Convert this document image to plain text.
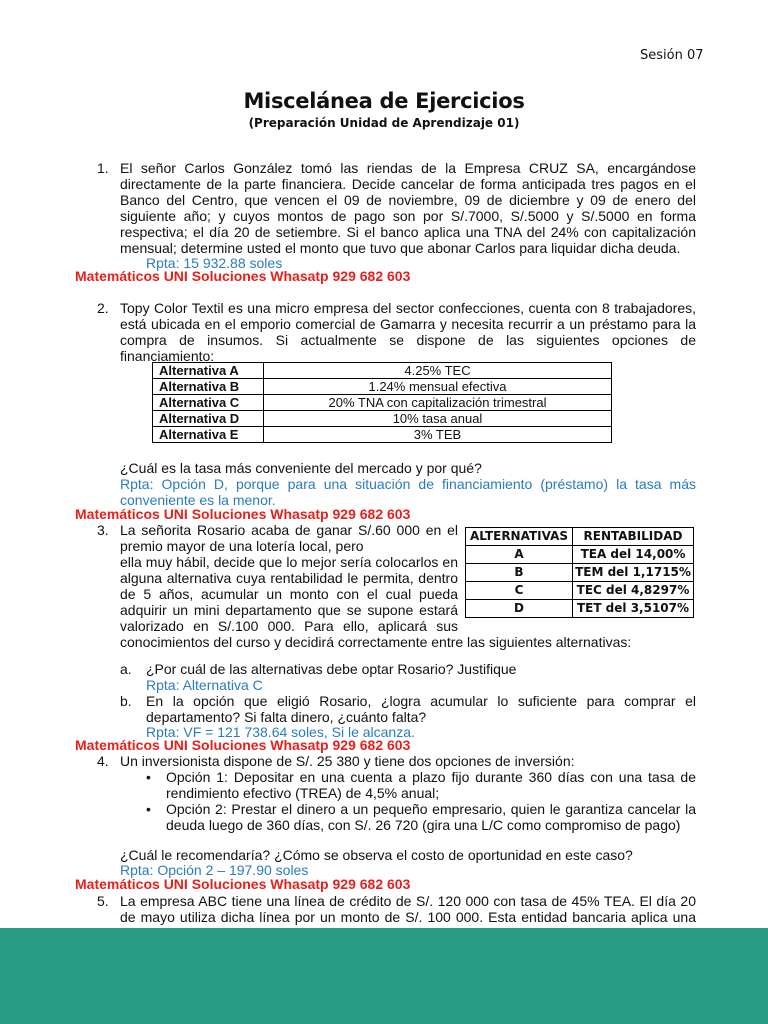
Sesión 07
Miscelánea de Ejercicios
(Preparación Unidad de Aprendizaje 01)
1. El señor Carlos González tomó las riendas de la Empresa CRUZ SA, encargándose
directamente de la parte financiera. Decide cancelar de forma anticipada tres pagos en el
Banco del Centro, que vencen el 09 de noviembre, 09 de diciembre y 09 de enero del
siguiente año; y cuyos montos de pago son por S/.7000, S/.5000 y S/.5000 en forma
respectiva; el día 20 de setiembre. Si el banco aplica una TNA del 24% con capitalización
mensual; determine usted el monto que tuvo que abonar Carlos para liquidar dicha deuda.
Rpta: 15 932.88 soles
Matemáticos UNI Soluciones Whasatp 929 682 603
2. Topy Color Textil es una micro empresa del sector confecciones, cuenta con 8 trabajadores,
está ubicada en el emporio comercial de Gamarra y necesita recurrir a un préstamo para la
compra de insumos. Si actualmente se dispone de las siguientes opciones de
financiamiento:
Alternativa A	4.25% TEC
Alternativa B	1.24% mensual efectiva
Alternativa C	20% TNA con capitalización trimestral
Alternativa D	10% tasa anual
Alternativa E	3% TEB
¿Cuál es la tasa más conveniente del mercado y por qué?
Rpta: Opción D, porque para una situación de financiamiento (préstamo) la tasa más
conveniente es la menor.
Matemáticos UNI Soluciones Whasatp 929 682 603
3. La señorita Rosario acaba de ganar S/.60 000 en el
premio mayor de una lotería local, pero
ella muy hábil, decide que lo mejor sería colocarlos en
alguna alternativa cuya rentabilidad le permita, dentro
de 5 años, acumular un monto con el cual pueda
adquirir un mini departamento que se supone estará
valorizado en S/.100 000. Para ello, aplicará sus
conocimientos del curso y decidirá correctamente entre las siguientes alternativas:
ALTERNATIVAS	RENTABILIDAD
A	TEA del 14,00%
B	TEM del 1,1715%
C	TEC del 4,8297%
D	TET del 3,5107%
a. ¿Por cuál de las alternativas debe optar Rosario? Justifique
Rpta: Alternativa C
b. En la opción que eligió Rosario, ¿logra acumular lo suficiente para comprar el
departamento? Si falta dinero, ¿cuánto falta?
Rpta: VF = 121 738.64 soles, Si le alcanza.
Matemáticos UNI Soluciones Whasatp 929 682 603
4. Un inversionista dispone de S/. 25 380 y tiene dos opciones de inversión:
• Opción 1: Depositar en una cuenta a plazo fijo durante 360 días con una tasa de
rendimiento efectivo (TREA) de 4,5% anual;
• Opción 2: Prestar el dinero a un pequeño empresario, quien le garantiza cancelar la
deuda luego de 360 días, con S/. 26 720 (gira una L/C como compromiso de pago)
¿Cuál le recomendaría? ¿Cómo se observa el costo de oportunidad en este caso?
Rpta: Opción 2 – 197.90 soles
Matemáticos UNI Soluciones Whasatp 929 682 603
5. La empresa ABC tiene una línea de crédito de S/. 120 000 con tasa de 45% TEA. El día 20
de mayo utiliza dicha línea por un monto de S/. 100 000. Esta entidad bancaria aplica una
